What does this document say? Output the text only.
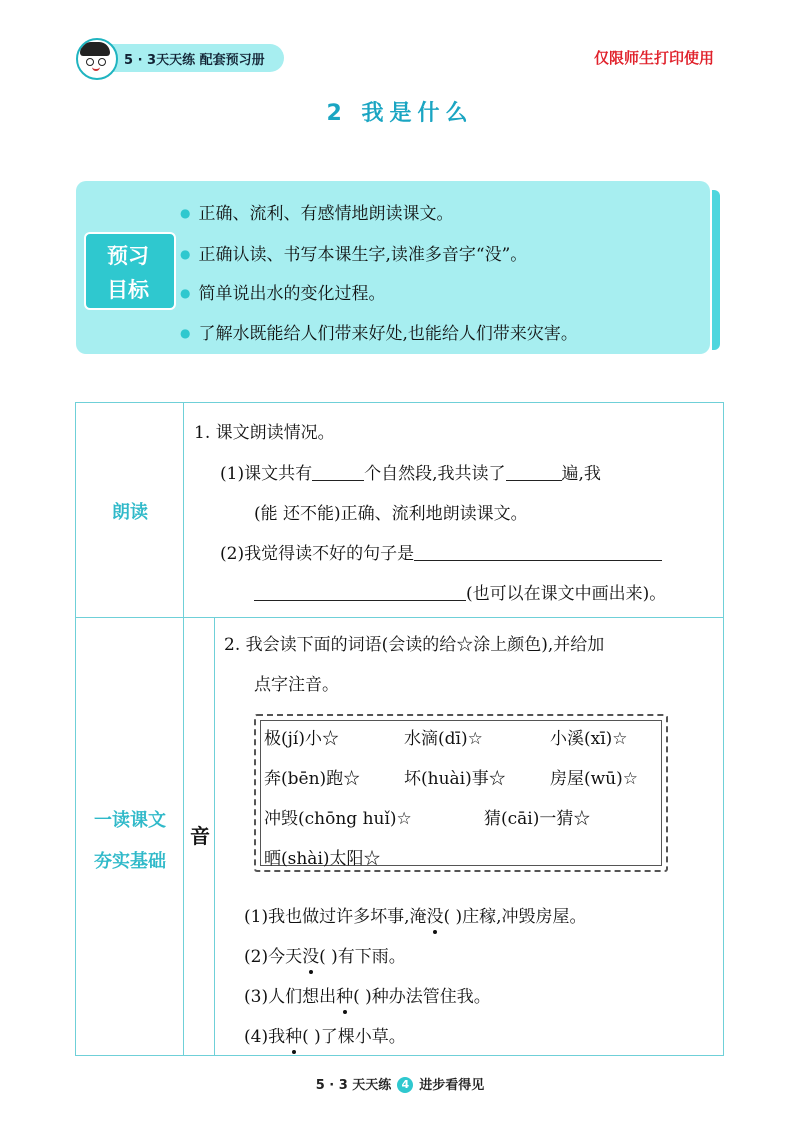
5 · 3天天练 配套预习册	仅限师生打印使用
2 我是什么
预习
目标
● 正确、流利、有感情地朗读课文。
● 正确认读、书写本课生字,读准多音字“没”。
● 简单说出水的变化过程。
● 了解水既能给人们带来好处,也能给人们带来灾害。
朗读
1. 课文朗读情况。
(1)课文共有	个自然段,我共读了	遍,我
(能 还不能)正确、流利地朗读课文。
(2)我觉得读不好的句子是
(也可以在课文中画出来)。
一读课文
夯实基础
音
2. 我会读下面的词语(会读的给☆涂上颜色),并给加
点字注音。
极(jí)小☆	水滴(dī)☆	小溪(xī)☆
奔(bēn)跑☆	坏(huài)事☆	房屋(wū)☆
冲毁(chōng huǐ)☆	猜(cāi)一猜☆
晒(shài)太阳☆
(1)我也做过许多坏事,淹没( )庄稼,冲毁房屋。
(2)今天没( )有下雨。
(3)人们想出种( )种办法管住我。
(4)我种( )了棵小草。
5 · 3 天天练 4 进步看得见
